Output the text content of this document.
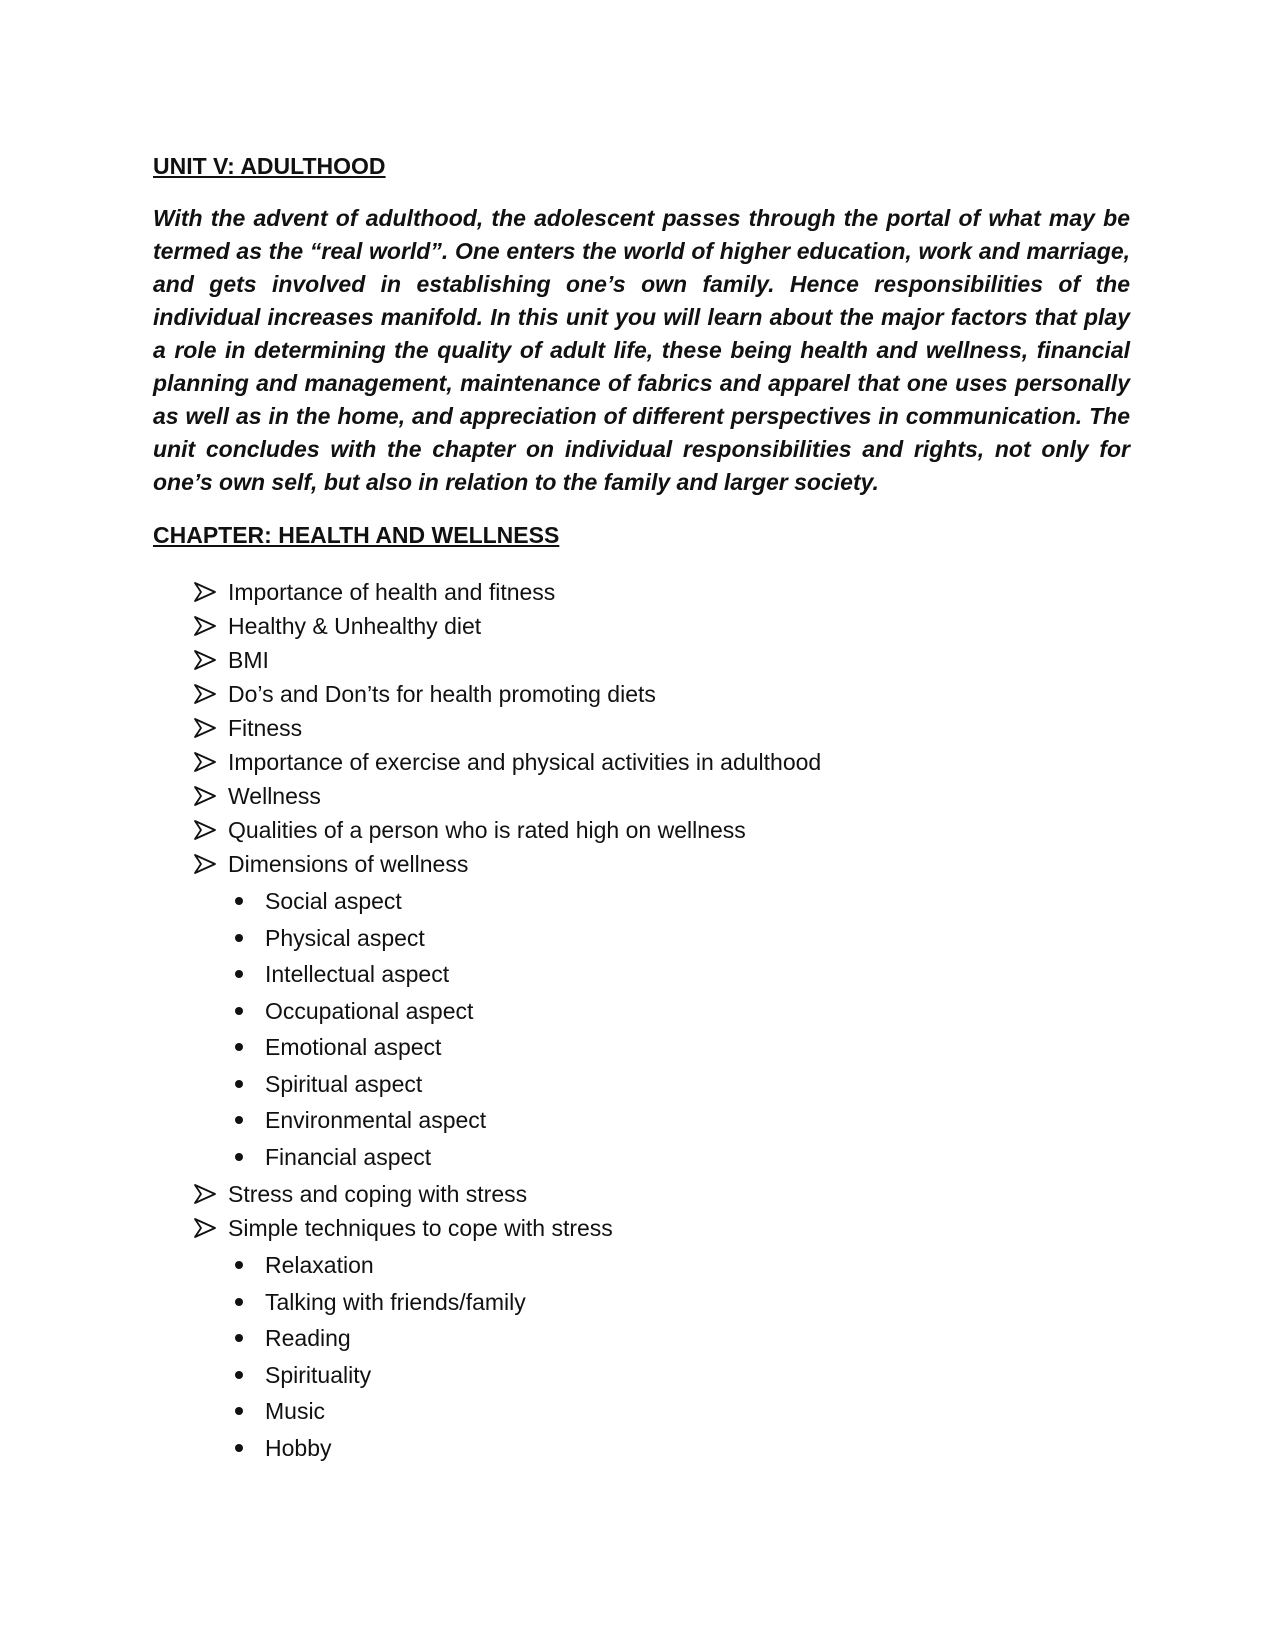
UNIT V: ADULTHOOD

With the advent of adulthood, the adolescent passes through the portal of what may be termed as the “real world”. One enters the world of higher education, work and marriage, and gets involved in establishing one’s own family. Hence responsibilities of the individual increases manifold. In this unit you will learn about the major factors that play a role in determining the quality of adult life, these being health and wellness, financial planning and management, maintenance of fabrics and apparel that one uses personally as well as in the home, and appreciation of different perspectives in communication. The unit concludes with the chapter on individual responsibilities and rights, not only for one’s own self, but also in relation to the family and larger society.

CHAPTER: HEALTH AND WELLNESS
Importance of health and fitness
Healthy & Unhealthy diet
BMI
Do’s and Don’ts for health promoting diets
Fitness
Importance of exercise and physical activities in adulthood
Wellness
Qualities of a person who is rated high on wellness
Dimensions of wellness
Social aspect
Physical aspect
Intellectual aspect
Occupational aspect
Emotional aspect
Spiritual aspect
Environmental aspect
Financial aspect
Stress and coping with stress
Simple techniques to cope with stress
Relaxation
Talking with friends/family
Reading
Spirituality
Music
Hobby
